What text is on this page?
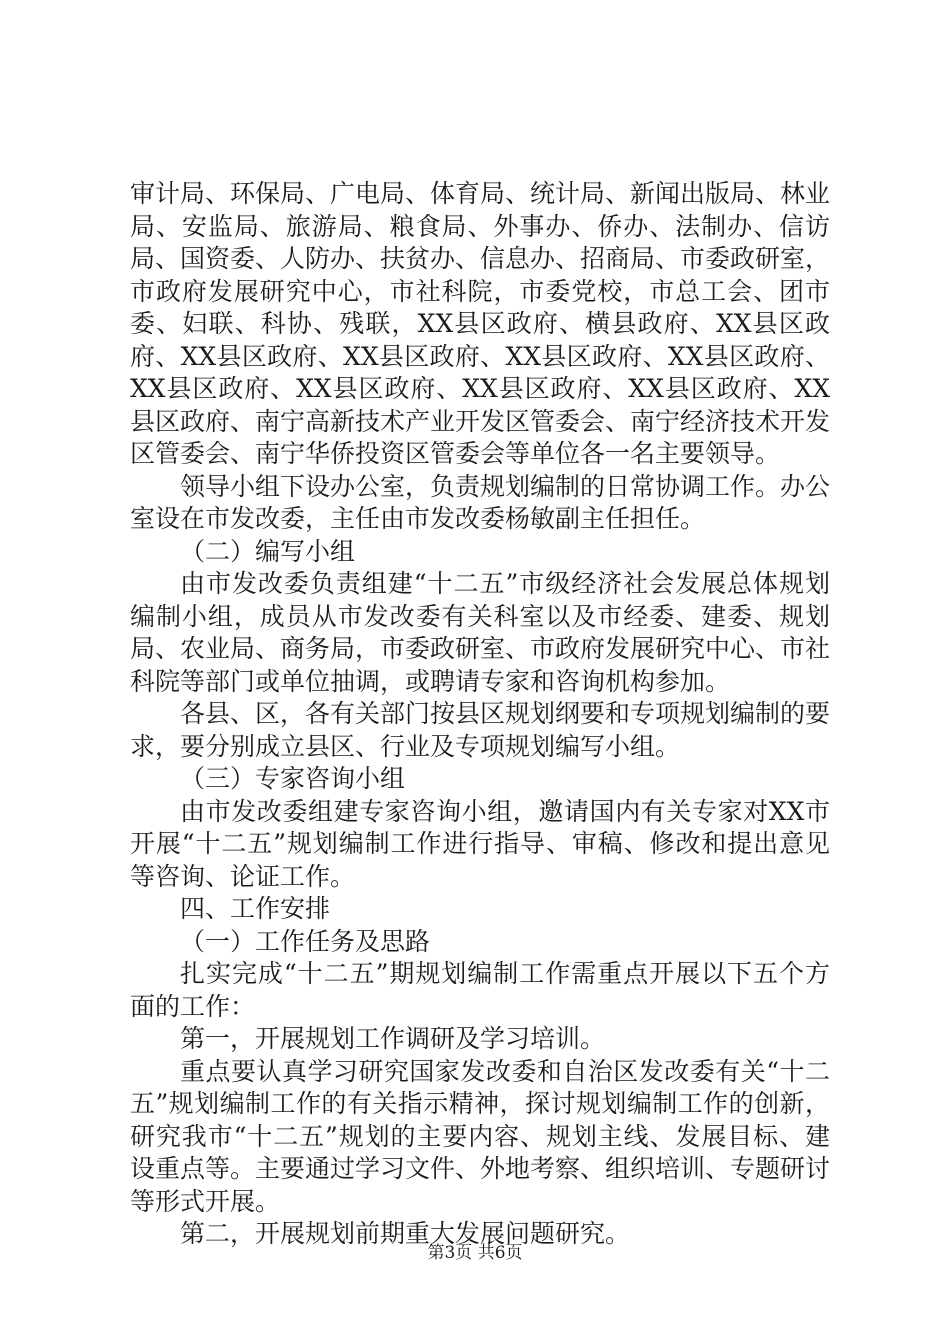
审计局、环保局、广电局、体育局、统计局、新闻出版局、林业局、安监局、旅游局、粮食局、外事办、侨办、法制办、信访局、国资委、人防办、扶贫办、信息办、招商局、市委政研室，市政府发展研究中心，市社科院，市委党校，市总工会、团市委、妇联、科协、残联，XX县区政府、横县政府、XX县区政府、XX县区政府、XX县区政府、XX县区政府、XX县区政府、XX县区政府、XX县区政府、XX县区政府、XX县区政府、XX县区政府、南宁高新技术产业开发区管委会、南宁经济技术开发区管委会、南宁华侨投资区管委会等单位各一名主要领导。

领导小组下设办公室，负责规划编制的日常协调工作。办公室设在市发改委，主任由市发改委杨敏副主任担任。

（二）编写小组

由市发改委负责组建“十二五”市级经济社会发展总体规划编制小组，成员从市发改委有关科室以及市经委、建委、规划局、农业局、商务局，市委政研室、市政府发展研究中心、市社科院等部门或单位抽调，或聘请专家和咨询机构参加。

各县、区，各有关部门按县区规划纲要和专项规划编制的要求，要分别成立县区、行业及专项规划编写小组。

（三）专家咨询小组

由市发改委组建专家咨询小组，邀请国内有关专家对XX市开展“十二五”规划编制工作进行指导、审稿、修改和提出意见等咨询、论证工作。

四、工作安排

（一）工作任务及思路

扎实完成“十二五”期规划编制工作需重点开展以下五个方面的工作：

第一，开展规划工作调研及学习培训。

重点要认真学习研究国家发改委和自治区发改委有关“十二五”规划编制工作的有关指示精神，探讨规划编制工作的创新，研究我市“十二五”规划的主要内容、规划主线、发展目标、建设重点等。主要通过学习文件、外地考察、组织培训、专题研讨等形式开展。

第二，开展规划前期重大发展问题研究。

第3页 共6页
